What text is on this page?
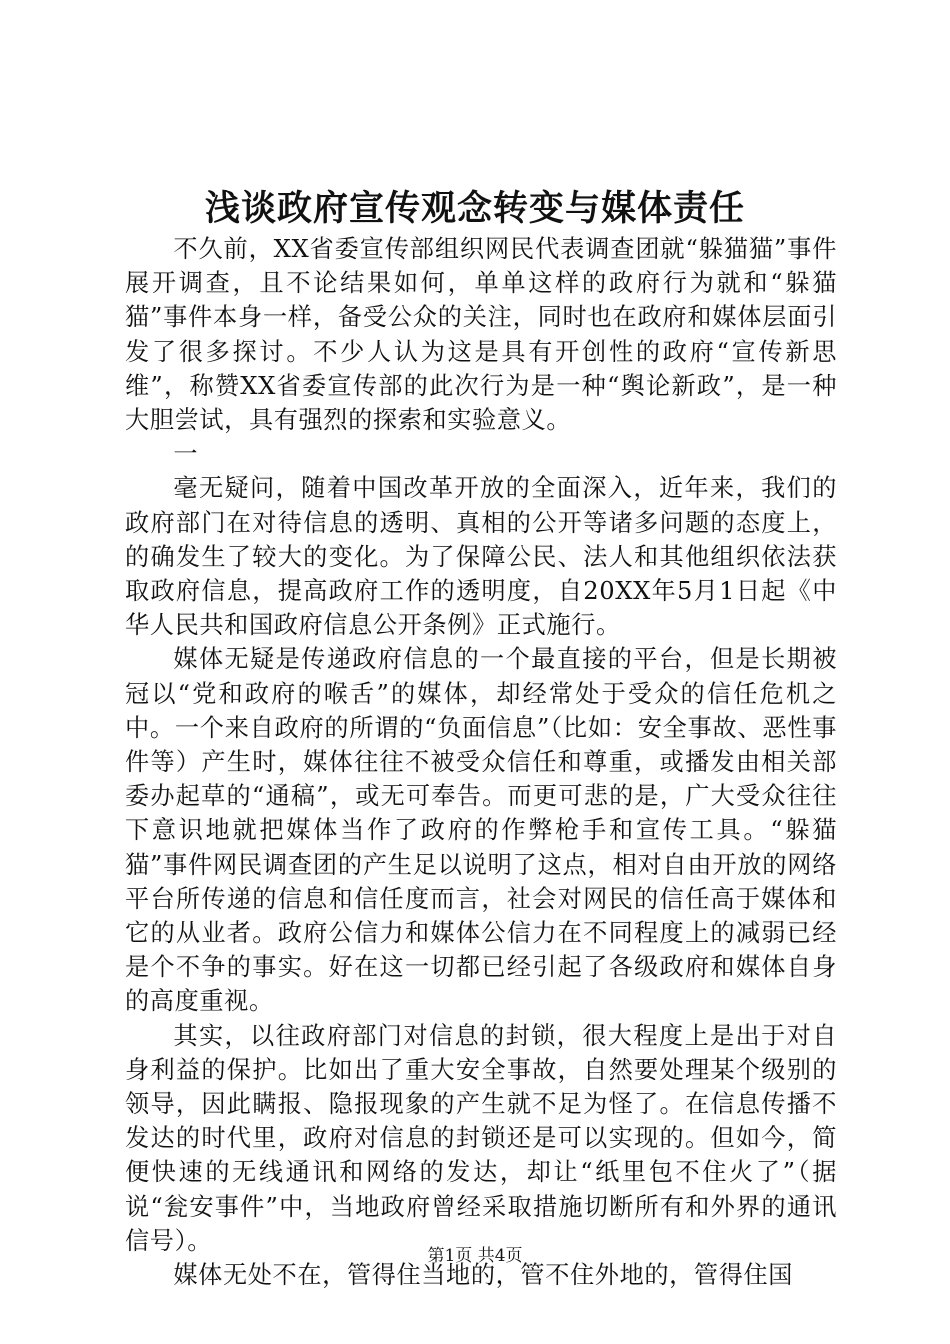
浅谈政府宣传观念转变与媒体责任

不久前，XX省委宣传部组织网民代表调查团就“躲猫猫”事件展开调查，且不论结果如何，单单这样的政府行为就和“躲猫猫”事件本身一样，备受公众的关注，同时也在政府和媒体层面引发了很多探讨。不少人认为这是具有开创性的政府“宣传新思维”，称赞XX省委宣传部的此次行为是一种“舆论新政”，是一种大胆尝试，具有强烈的探索和实验意义。

一

毫无疑问，随着中国改革开放的全面深入，近年来，我们的政府部门在对待信息的透明、真相的公开等诸多问题的态度上，的确发生了较大的变化。为了保障公民、法人和其他组织依法获取政府信息，提高政府工作的透明度，自20XX年5月1日起《中华人民共和国政府信息公开条例》正式施行。

媒体无疑是传递政府信息的一个最直接的平台，但是长期被冠以“党和政府的喉舌”的媒体，却经常处于受众的信任危机之中。一个来自政府的所谓的“负面信息”（比如：安全事故、恶性事件等）产生时，媒体往往不被受众信任和尊重，或播发由相关部委办起草的“通稿”，或无可奉告。而更可悲的是，广大受众往往下意识地就把媒体当作了政府的作弊枪手和宣传工具。“躲猫猫”事件网民调查团的产生足以说明了这点，相对自由开放的网络平台所传递的信息和信任度而言，社会对网民的信任高于媒体和它的从业者。政府公信力和媒体公信力在不同程度上的减弱已经是个不争的事实。好在这一切都已经引起了各级政府和媒体自身的高度重视。

其实，以往政府部门对信息的封锁，很大程度上是出于对自身利益的保护。比如出了重大安全事故，自然要处理某个级别的领导，因此瞒报、隐报现象的产生就不足为怪了。在信息传播不发达的时代里，政府对信息的封锁还是可以实现的。但如今，简便快速的无线通讯和网络的发达，却让“纸里包不住火了”（据说“瓮安事件”中，当地政府曾经采取措施切断所有和外界的通讯信号）。

媒体无处不在，管得住当地的，管不住外地的，管得住国

第1页 共4页
